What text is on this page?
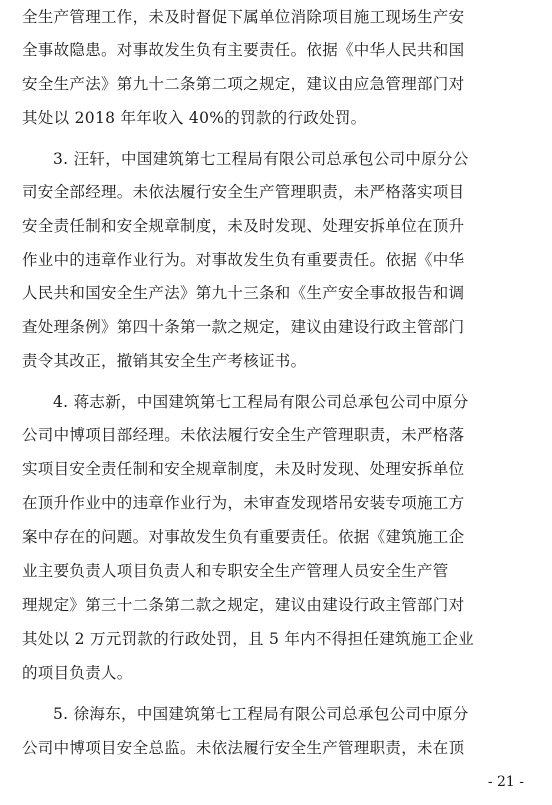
全生产管理工作，未及时督促下属单位消除项目施工现场生产安
全事故隐患。对事故发生负有主要责任。依据《中华人民共和国
安全生产法》第九十二条第二项之规定，建议由应急管理部门对
其处以 2018 年年收入 40%的罚款的行政处罚。
3. 汪轩，中国建筑第七工程局有限公司总承包公司中原分公
司安全部经理。未依法履行安全生产管理职责，未严格落实项目
安全责任制和安全规章制度，未及时发现、处理安拆单位在顶升
作业中的违章作业行为。对事故发生负有重要责任。依据《中华
人民共和国安全生产法》第九十三条和《生产安全事故报告和调
查处理条例》第四十条第一款之规定，建议由建设行政主管部门
责令其改正，撤销其安全生产考核证书。
4. 蒋志新，中国建筑第七工程局有限公司总承包公司中原分
公司中博项目部经理。未依法履行安全生产管理职责，未严格落
实项目安全责任制和安全规章制度，未及时发现、处理安拆单位
在顶升作业中的违章作业行为，未审查发现塔吊安装专项施工方
案中存在的问题。对事故发生负有重要责任。依据《建筑施工企
业主要负责人项目负责人和专职安全生产管理人员安全生产管
理规定》第三十二条第二款之规定，建议由建设行政主管部门对
其处以 2 万元罚款的行政处罚，且 5 年内不得担任建筑施工企业
的项目负责人。
5. 徐海东，中国建筑第七工程局有限公司总承包公司中原分
公司中博项目安全总监。未依法履行安全生产管理职责，未在顶
- 21 -
